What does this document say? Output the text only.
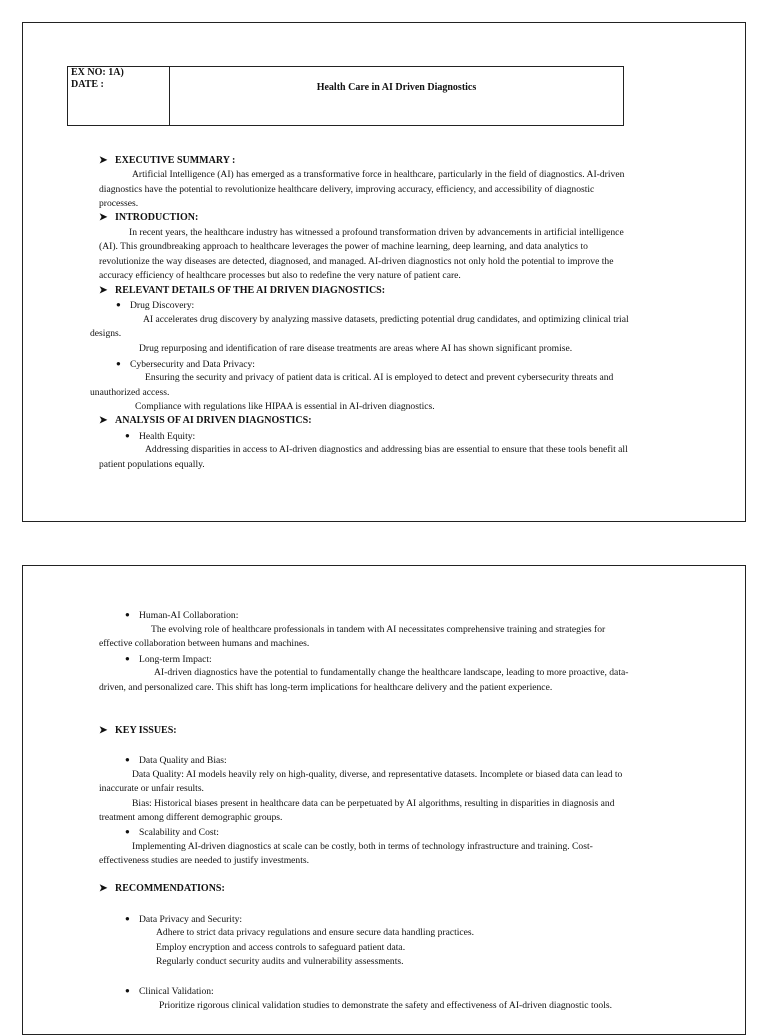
EX NO: 1A)
DATE :	Health Care in AI Driven Diagnostics
➤ EXECUTIVE SUMMARY :
Artificial Intelligence (AI) has emerged as a transformative force in healthcare, particularly in the field of diagnostics. AI-driven
diagnostics have the potential to revolutionize healthcare delivery, improving accuracy, efficiency, and accessibility of diagnostic
processes.
➤ INTRODUCTION:
In recent years, the healthcare industry has witnessed a profound transformation driven by advancements in artificial intelligence
(AI). This groundbreaking approach to healthcare leverages the power of machine learning, deep learning, and data analytics to
revolutionize the way diseases are detected, diagnosed, and managed. AI-driven diagnostics not only hold the potential to improve the
accuracy efficiency of healthcare processes but also to redefine the very nature of patient care.
➤ RELEVANT DETAILS OF THE AI DRIVEN DIAGNOSTICS:
● Drug Discovery:
AI accelerates drug discovery by analyzing massive datasets, predicting potential drug candidates, and optimizing clinical trial
designs.
Drug repurposing and identification of rare disease treatments are areas where AI has shown significant promise.
● Cybersecurity and Data Privacy:
Ensuring the security and privacy of patient data is critical. AI is employed to detect and prevent cybersecurity threats and
unauthorized access.
Compliance with regulations like HIPAA is essential in AI-driven diagnostics.
➤ ANALYSIS OF AI DRIVEN DIAGNOSTICS:
● Health Equity:
Addressing disparities in access to AI-driven diagnostics and addressing bias are essential to ensure that these tools benefit all
patient populations equally.
● Human-AI Collaboration:
The evolving role of healthcare professionals in tandem with AI necessitates comprehensive training and strategies for
effective collaboration between humans and machines.
● Long-term Impact:
AI-driven diagnostics have the potential to fundamentally change the healthcare landscape, leading to more proactive, data-
driven, and personalized care. This shift has long-term implications for healthcare delivery and the patient experience.
➤ KEY ISSUES:
● Data Quality and Bias:
Data Quality: AI models heavily rely on high-quality, diverse, and representative datasets. Incomplete or biased data can lead to
inaccurate or unfair results.
Bias: Historical biases present in healthcare data can be perpetuated by AI algorithms, resulting in disparities in diagnosis and
treatment among different demographic groups.
● Scalability and Cost:
Implementing AI-driven diagnostics at scale can be costly, both in terms of technology infrastructure and training. Cost-
effectiveness studies are needed to justify investments.
➤ RECOMMENDATIONS:
● Data Privacy and Security:
Adhere to strict data privacy regulations and ensure secure data handling practices.
Employ encryption and access controls to safeguard patient data.
Regularly conduct security audits and vulnerability assessments.
● Clinical Validation:
Prioritize rigorous clinical validation studies to demonstrate the safety and effectiveness of AI-driven diagnostic tools.
